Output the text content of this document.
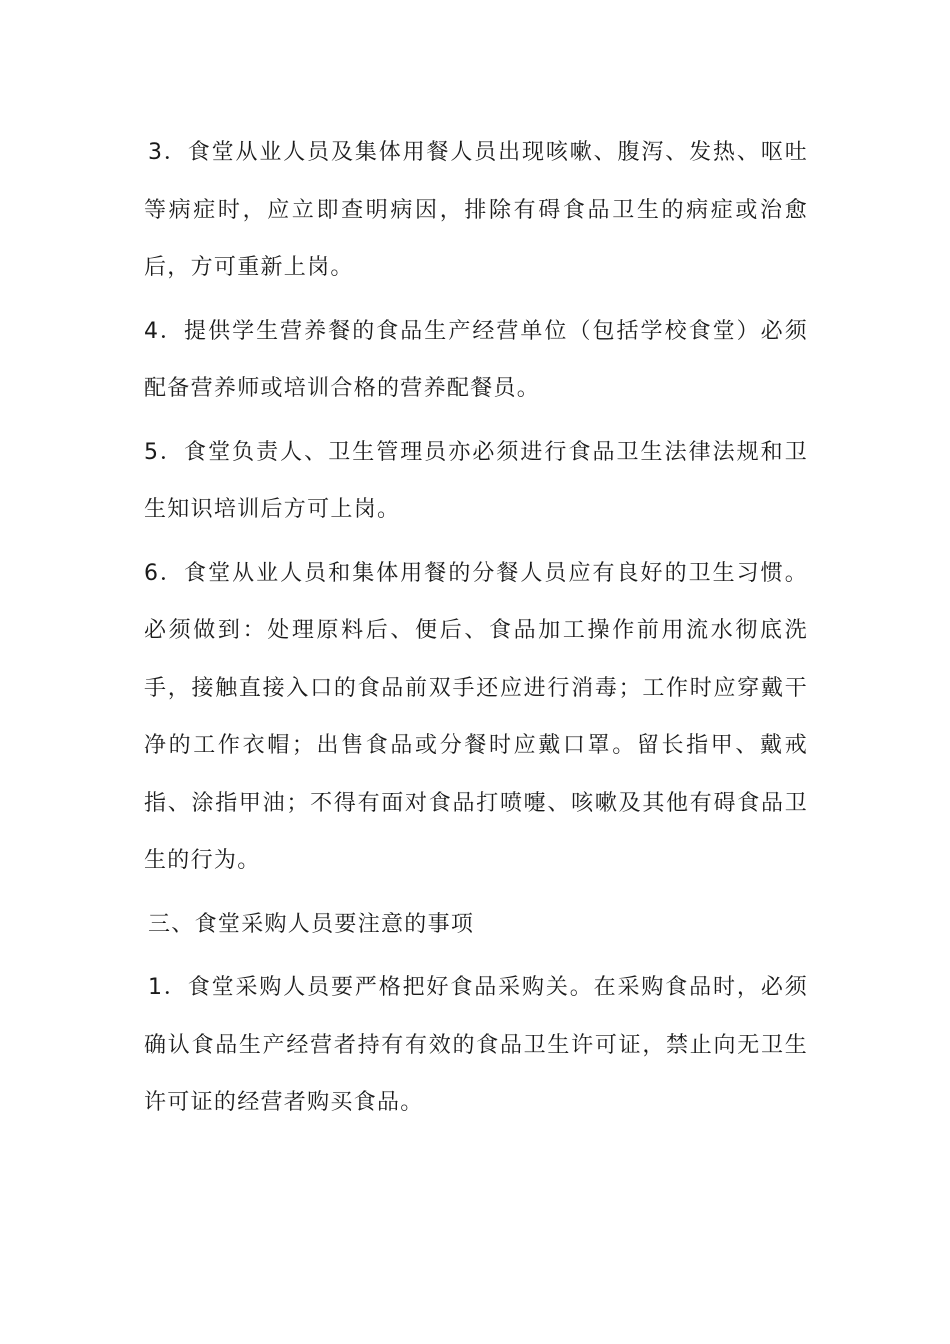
3．食堂从业人员及集体用餐人员出现咳嗽、腹泻、发热、呕吐等病症时，应立即查明病因，排除有碍食品卫生的病症或治愈后，方可重新上岗。

4．提供学生营养餐的食品生产经营单位（包括学校食堂）必须配备营养师或培训合格的营养配餐员。

5．食堂负责人、卫生管理员亦必须进行食品卫生法律法规和卫生知识培训后方可上岗。

6．食堂从业人员和集体用餐的分餐人员应有良好的卫生习惯。必须做到：处理原料后、便后、食品加工操作前用流水彻底洗手，接触直接入口的食品前双手还应进行消毒；工作时应穿戴干净的工作衣帽；出售食品或分餐时应戴口罩。留长指甲、戴戒指、涂指甲油；不得有面对食品打喷嚏、咳嗽及其他有碍食品卫生的行为。

三、食堂采购人员要注意的事项

1．食堂采购人员要严格把好食品采购关。在采购食品时，必须确认食品生产经营者持有有效的食品卫生许可证，禁止向无卫生许可证的经营者购买食品。
